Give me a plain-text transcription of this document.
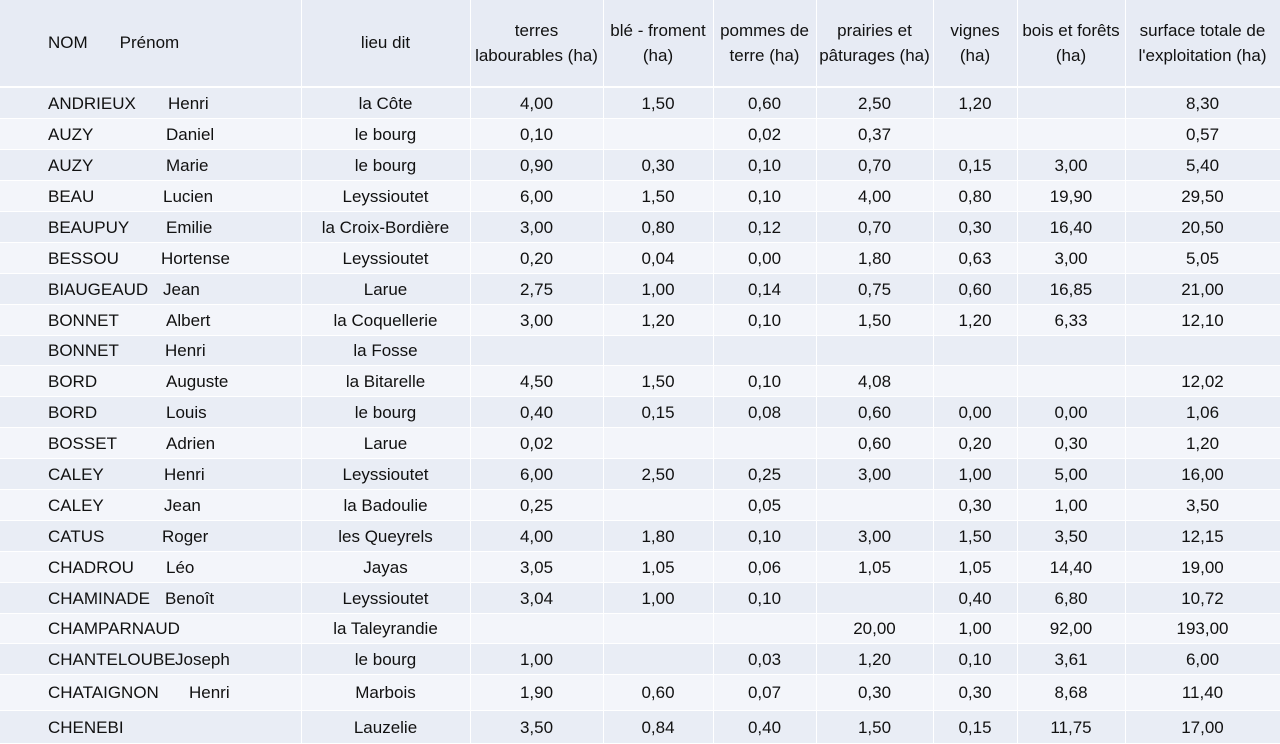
NOM Prénom	lieu dit	terres labourables (ha)	blé - froment (ha)	pommes de terre (ha)	prairies et pâturages (ha)	vignes (ha)	bois et forêts (ha)	surface totale de l'exploitation (ha)
ANDRIEUX Henri	la Côte	4,00	1,50	0,60	2,50	1,20		8,30
AUZY Daniel	le bourg	0,10		0,02	0,37			0,57
AUZY Marie	le bourg	0,90	0,30	0,10	0,70	0,15	3,00	5,40
BEAU Lucien	Leyssioutet	6,00	1,50	0,10	4,00	0,80	19,90	29,50
BEAUPUY Emilie	la Croix-Bordière	3,00	0,80	0,12	0,70	0,30	16,40	20,50
BESSOU Hortense	Leyssioutet	0,20	0,04	0,00	1,80	0,63	3,00	5,05
BIAUGEAUD Jean	Larue	2,75	1,00	0,14	0,75	0,60	16,85	21,00
BONNET Albert	la Coquellerie	3,00	1,20	0,10	1,50	1,20	6,33	12,10
BONNET Henri	la Fosse							
BORD Auguste	la Bitarelle	4,50	1,50	0,10	4,08			12,02
BORD Louis	le bourg	0,40	0,15	0,08	0,60	0,00	0,00	1,06
BOSSET Adrien	Larue	0,02			0,60	0,20	0,30	1,20
CALEY Henri	Leyssioutet	6,00	2,50	0,25	3,00	1,00	5,00	16,00
CALEY Jean	la Badoulie	0,25		0,05		0,30	1,00	3,50
CATUS Roger	les Queyrels	4,00	1,80	0,10	3,00	1,50	3,50	12,15
CHADROU Léo	Jayas	3,05	1,05	0,06	1,05	1,05	14,40	19,00
CHAMINADE Benoît	Leyssioutet	3,04	1,00	0,10		0,40	6,80	10,72
CHAMPARNAUD	la Taleyrandie				20,00	1,00	92,00	193,00
CHANTELOUBEJoseph	le bourg	1,00		0,03	1,20	0,10	3,61	6,00
CHATAIGNON Henri	Marbois	1,90	0,60	0,07	0,30	0,30	8,68	11,40
CHENEBI	Lauzelie	3,50	0,84	0,40	1,50	0,15	11,75	17,00
